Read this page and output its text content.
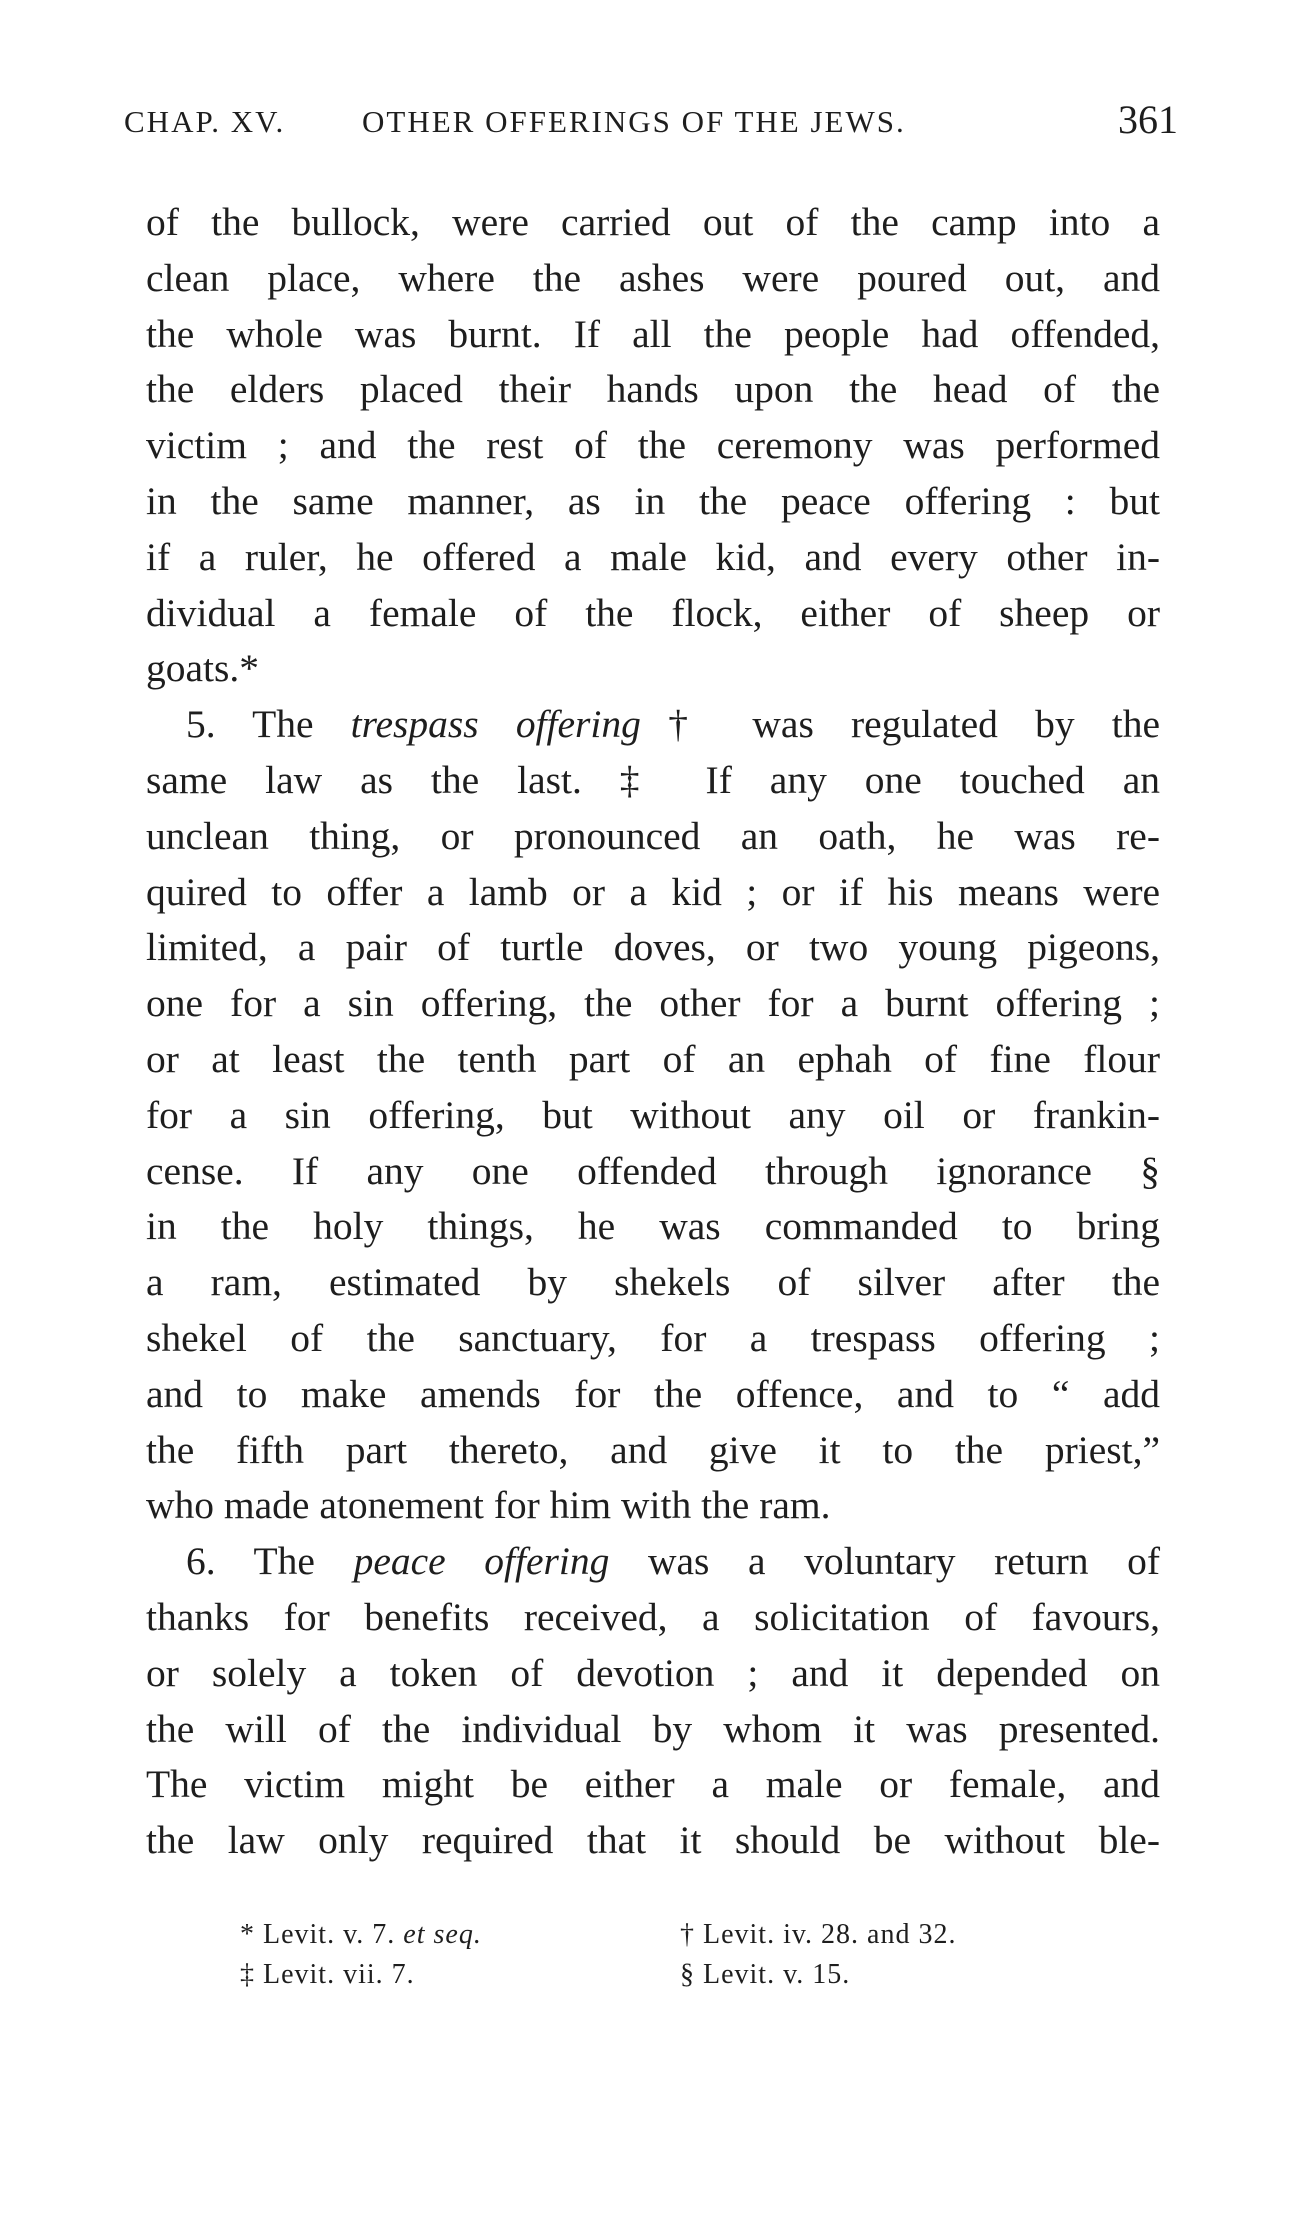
CHAP. XV. OTHER OFFERINGS OF THE JEWS.	361
of the bullock, were carried out of the camp into a
clean place, where the ashes were poured out, and
the whole was burnt. If all the people had offended,
the elders placed their hands upon the head of the
victim ; and the rest of the ceremony was performed
in the same manner, as in the peace offering : but
if a ruler, he offered a male kid, and every other in-
dividual a female of the flock, either of sheep or
goats.*
5. The trespass offering† was regulated by the
same law as the last. ‡ If any one touched an
unclean thing, or pronounced an oath, he was re-
quired to offer a lamb or a kid ; or if his means were
limited, a pair of turtle doves, or two young pigeons,
one for a sin offering, the other for a burnt offering ;
or at least the tenth part of an ephah of fine flour
for a sin offering, but without any oil or frankin-
cense. If any one offended through ignorance §
in the holy things, he was commanded to bring
a ram, estimated by shekels of silver after the
shekel of the sanctuary, for a trespass offering ;
and to make amends for the offence, and to “ add
the fifth part thereto, and give it to the priest,”
who made atonement for him with the ram.
6. The peace offering was a voluntary return of
thanks for benefits received, a solicitation of favours,
or solely a token of devotion ; and it depended on
the will of the individual by whom it was presented.
The victim might be either a male or female, and
the law only required that it should be without ble-
* Levit. v. 7. et seq.	† Levit. iv. 28. and 32.
‡ Levit. vii. 7.	§ Levit. v. 15.
